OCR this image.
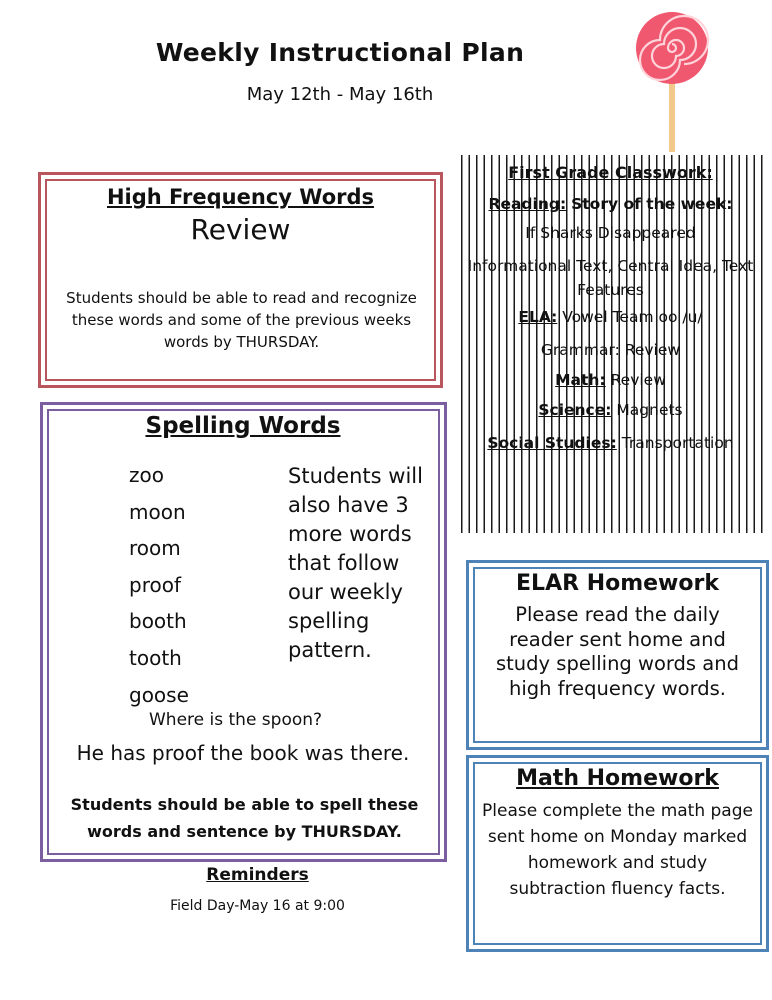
Weekly Instructional Plan
May 12th - May 16th
High Frequency Words
Review
Students should be able to read and recognize these words and some of the previous weeks words by THURSDAY.
Spelling Words
zoo
moon
room
proof
booth
tooth
goose
Students will also have 3 more words that follow our weekly spelling pattern.
Where is the spoon?
He has proof the book was there.
Students should be able to spell these words and sentence by THURSDAY.
Reminders
Field Day-May 16 at 9:00
First Grade Classwork:
Reading: Story of the week:
If Sharks Disappeared
Informational Text, Central Idea, Text Features
ELA: Vowel Team oo /u/
Grammar: Review
Math: Review
Science: Magnets
Social Studies: Transportation
ELAR Homework
Please read the daily reader sent home and study spelling words and high frequency words.
Math Homework
Please complete the math page sent home on Monday marked homework and study subtraction fluency facts.
